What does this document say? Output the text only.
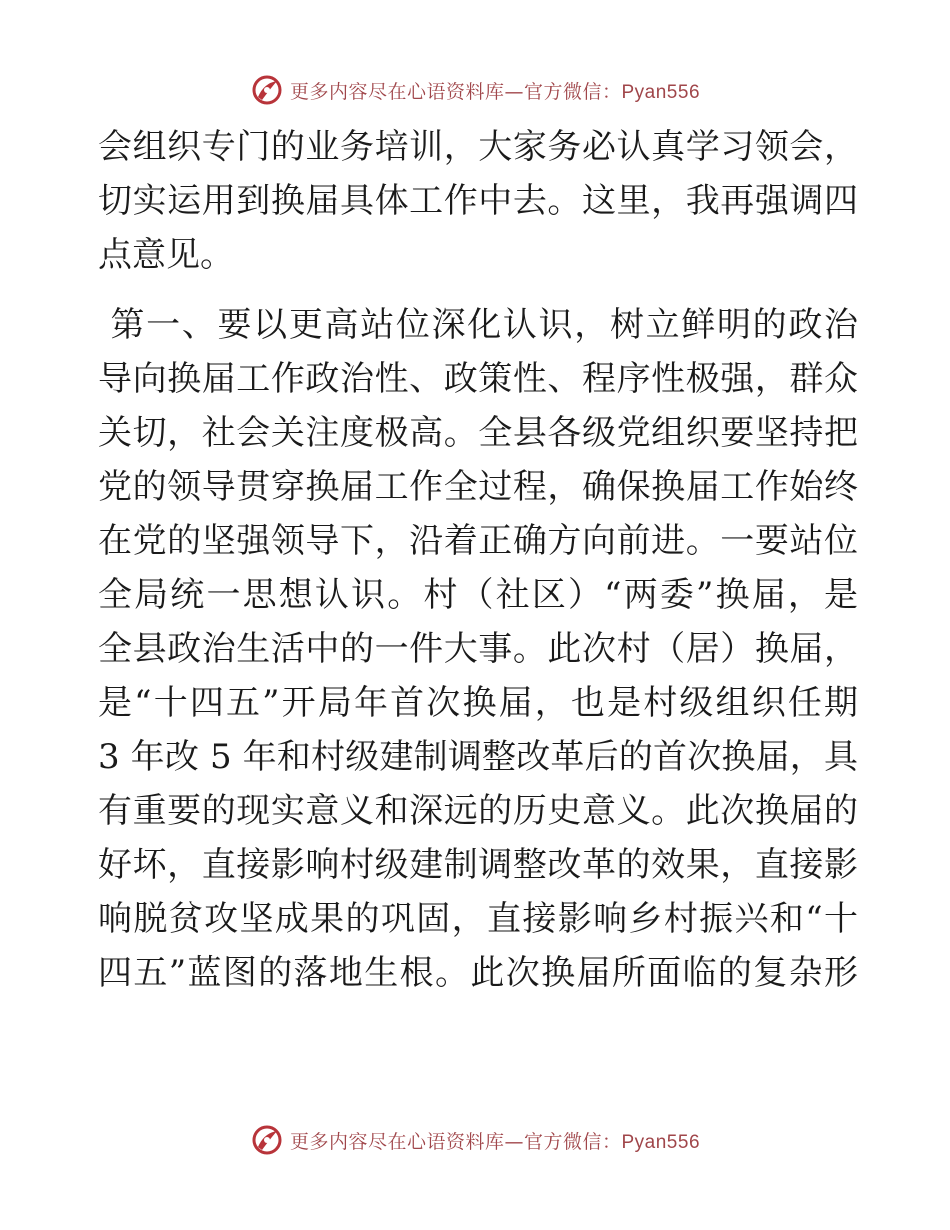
更多内容尽在心语资料库—官方微信：Pyan556
会组织专门的业务培训，大家务必认真学习领会，
切实运用到换届具体工作中去。这里，我再强调四
点意见。
第一、要以更高站位深化认识，树立鲜明的政治
导向换届工作政治性、政策性、程序性极强，群众
关切，社会关注度极高。全县各级党组织要坚持把
党的领导贯穿换届工作全过程，确保换届工作始终
在党的坚强领导下，沿着正确方向前进。一要站位
全局统一思想认识。村（社区）“两委”换届，是
全县政治生活中的一件大事。此次村（居）换届，
是“十四五”开局年首次换届，也是村级组织任期
3 年改 5 年和村级建制调整改革后的首次换届，具
有重要的现实意义和深远的历史意义。此次换届的
好坏，直接影响村级建制调整改革的效果，直接影
响脱贫攻坚成果的巩固，直接影响乡村振兴和“十
四五”蓝图的落地生根。此次换届所面临的复杂形
更多内容尽在心语资料库—官方微信：Pyan556
